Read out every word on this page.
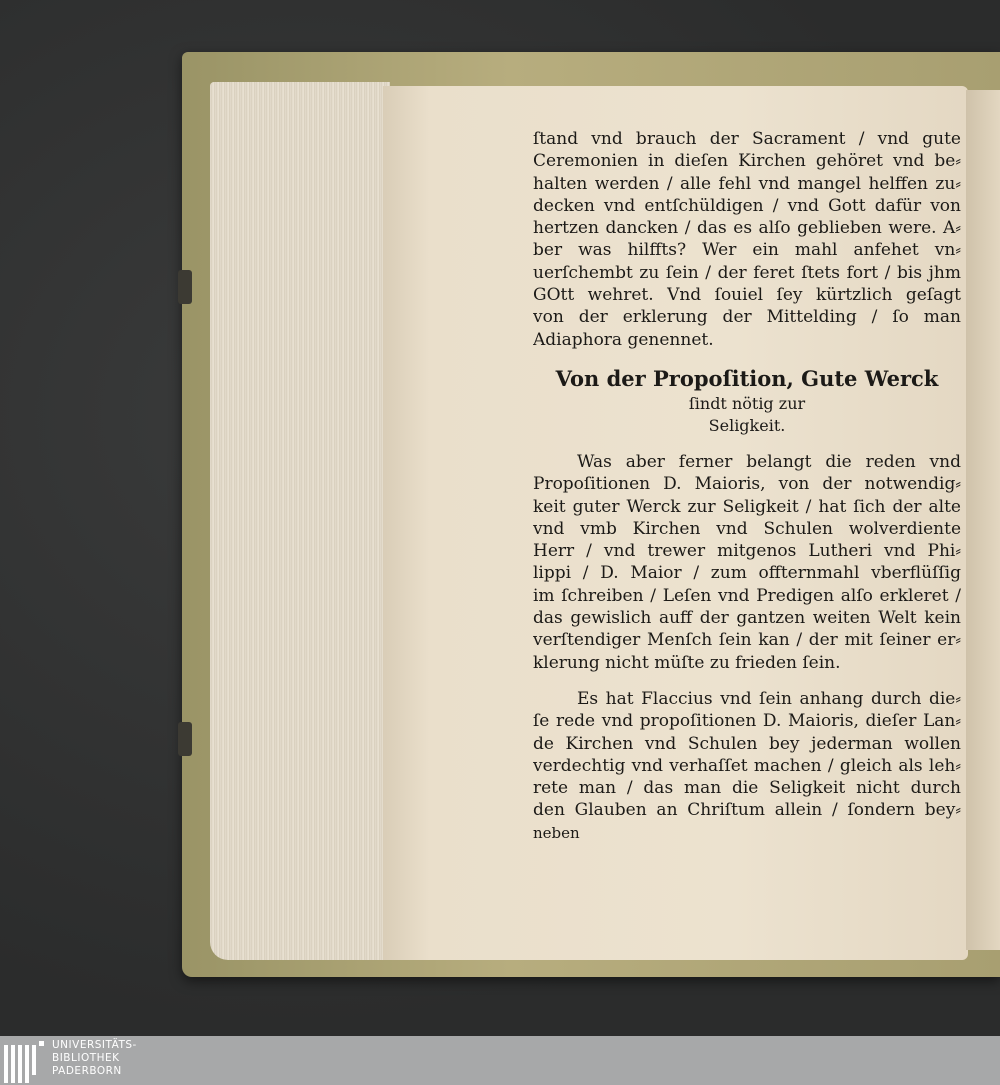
ſtand vnd brauch der Sacrament / vnd gute
Ceremonien in dieſen Kirchen gehöret vnd be⸗
halten werden / alle fehl vnd mangel helffen zu⸗
decken vnd entſchüldigen / vnd Gott dafür von
hertzen dancken / das es alſo geblieben were. A⸗
ber was hilffts? Wer ein mahl anfehet vn⸗
uerſchembt zu ſein / der feret ſtets fort / bis jhm
GOtt wehret. Vnd ſouiel ſey kürtzlich geſagt
von der erklerung der Mittelding / ſo man
Adiaphora genennet.
Von der Propoſition, Gute Werck
ſindt nötig zur
Seligkeit.
Was aber ferner belangt die reden vnd
Propoſitionen D. Maioris, von der notwendig⸗
keit guter Werck zur Seligkeit / hat ſich der alte
vnd vmb Kirchen vnd Schulen wolverdiente
Herr / vnd trewer mitgenos Lutheri vnd Phi⸗
lippi / D. Maior / zum offternmahl vberflüſſig
im ſchreiben / Leſen vnd Predigen alſo erkleret /
das gewislich auff der gantzen weiten Welt kein
verſtendiger Menſch ſein kan / der mit ſeiner er⸗
klerung nicht müſte zu frieden ſein.
Es hat Flaccius vnd ſein anhang durch die⸗
ſe rede vnd propoſitionen D. Maioris, dieſer Lan⸗
de Kirchen vnd Schulen bey jederman wollen
verdechtig vnd verhaſſet machen / gleich als leh⸗
rete man / das man die Seligkeit nicht durch
den Glauben an Chriſtum allein / ſondern bey⸗
neben
UNIVERSITÄTS-
BIBLIOTHEK
PADERBORN
